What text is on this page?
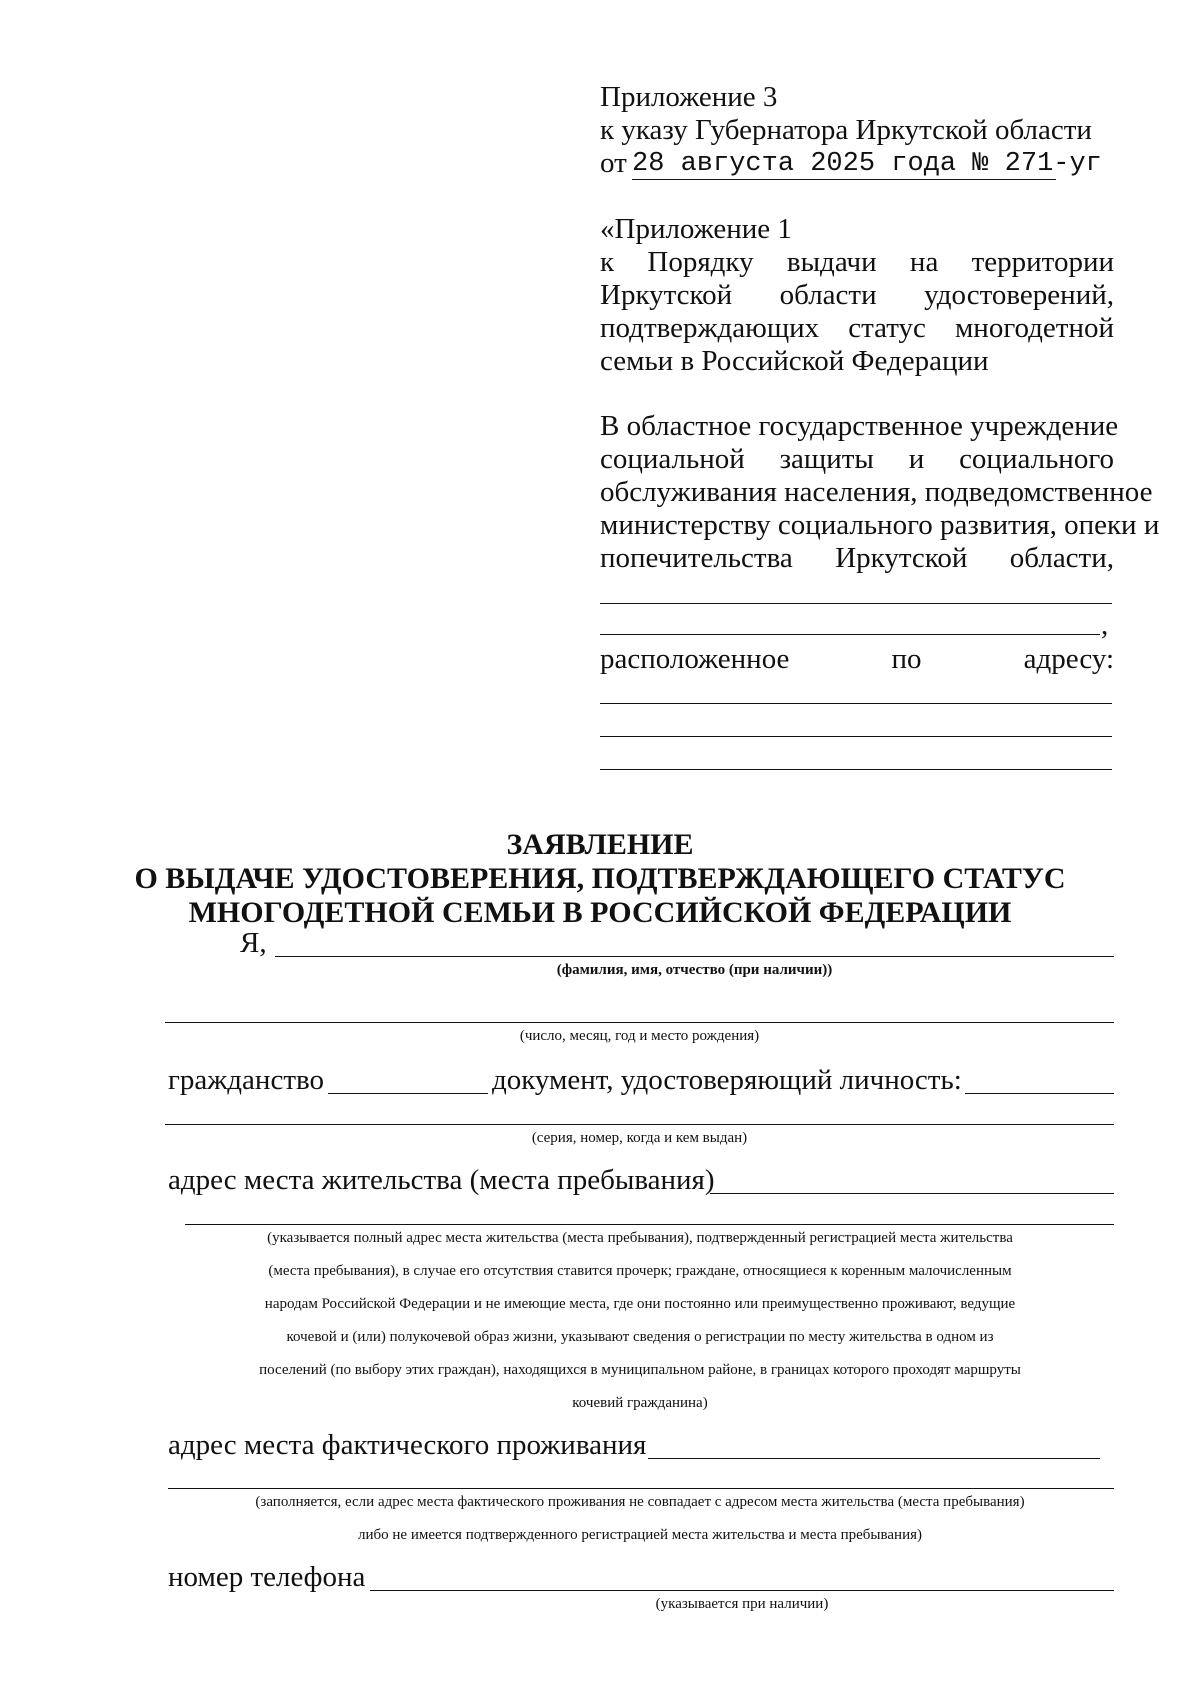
Приложение 3
к указу Губернатора Иркутской области
от 28 августа 2025 года № 271-уг
«Приложение 1
к Порядку выдачи на территории
Иркутской области удостоверений,
подтверждающих статус многодетной
семьи в Российской Федерации
В областное государственное учреждение
социальной защиты и социального
обслуживания населения, подведомственное
министерству социального развития, опеки и
попечительства Иркутской области,
,
расположенное по адресу:
ЗАЯВЛЕНИЕ
О ВЫДАЧЕ УДОСТОВЕРЕНИЯ, ПОДТВЕРЖДАЮЩЕГО СТАТУС
МНОГОДЕТНОЙ СЕМЬИ В РОССИЙСКОЙ ФЕДЕРАЦИИ
Я,
(фамилия, имя, отчество (при наличии))
(число, месяц, год и место рождения)
гражданство	документ, удостоверяющий личность:
(серия, номер, когда и кем выдан)
адрес места жительства (места пребывания)
(указывается полный адрес места жительства (места пребывания), подтвержденный регистрацией места жительства
(места пребывания), в случае его отсутствия ставится прочерк; граждане, относящиеся к коренным малочисленным
народам Российской Федерации и не имеющие места, где они постоянно или преимущественно проживают, ведущие
кочевой и (или) полукочевой образ жизни, указывают сведения о регистрации по месту жительства в одном из
поселений (по выбору этих граждан), находящихся в муниципальном районе, в границах которого проходят маршруты
кочевий гражданина)
адрес места фактического проживания
(заполняется, если адрес места фактического проживания не совпадает с адресом места жительства (места пребывания)
либо не имеется подтвержденного регистрацией места жительства и места пребывания)
номер телефона
(указывается при наличии)
